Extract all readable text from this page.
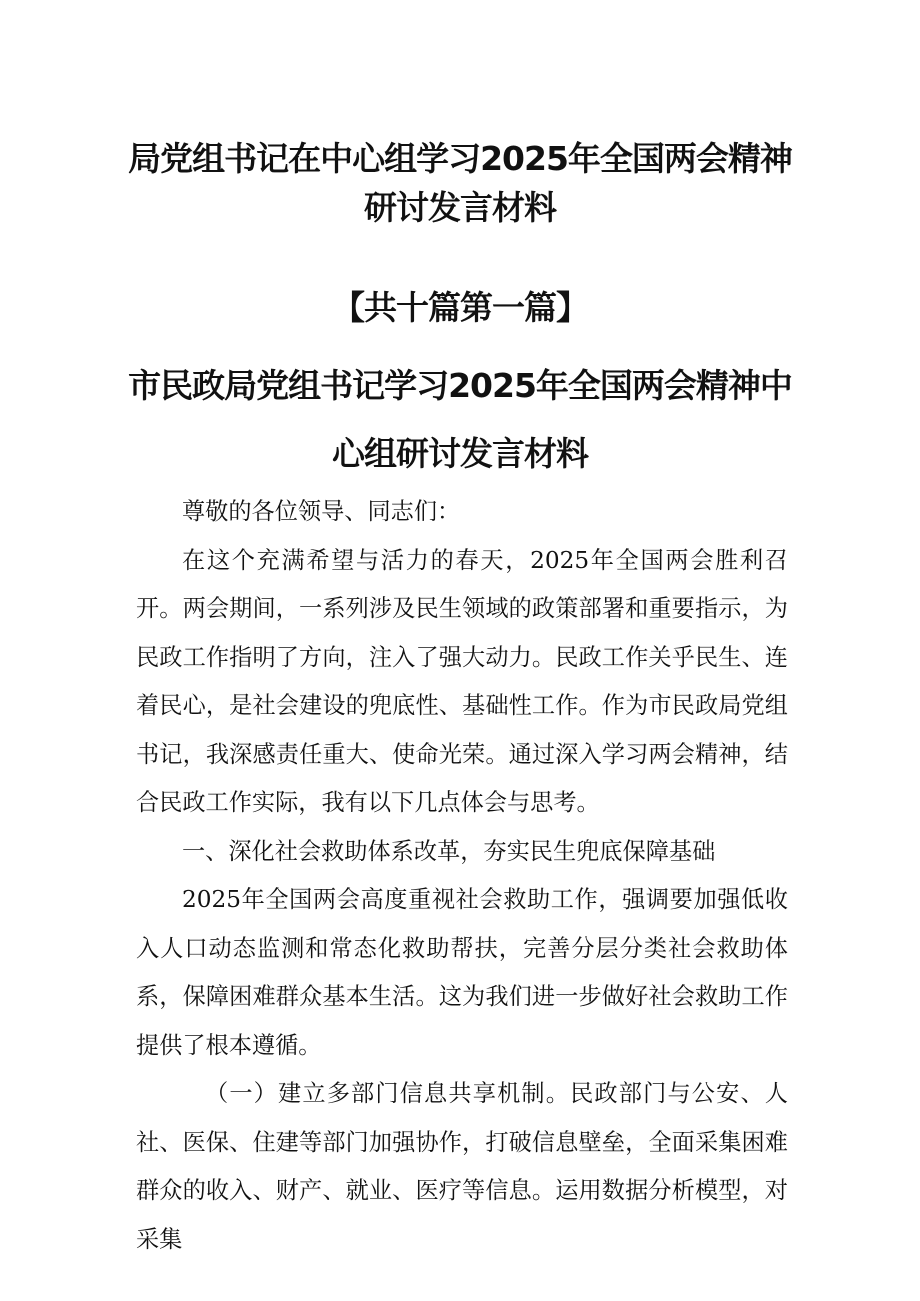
局党组书记在中心组学习2025年全国两会精神
研讨发言材料
【共十篇第一篇】
市民政局党组书记学习2025年全国两会精神中
心组研讨发言材料

尊敬的各位领导、同志们：

在这个充满希望与活力的春天，2025年全国两会胜利召开。两会期间，一系列涉及民生领域的政策部署和重要指示，为民政工作指明了方向，注入了强大动力。民政工作关乎民生、连着民心，是社会建设的兜底性、基础性工作。作为市民政局党组书记，我深感责任重大、使命光荣。通过深入学习两会精神，结合民政工作实际，我有以下几点体会与思考。

一、深化社会救助体系改革，夯实民生兜底保障基础

2025年全国两会高度重视社会救助工作，强调要加强低收入人口动态监测和常态化救助帮扶，完善分层分类社会救助体系，保障困难群众基本生活。这为我们进一步做好社会救助工作提供了根本遵循。

（一）建立多部门信息共享机制。民政部门与公安、人社、医保、住建等部门加强协作，打破信息壁垒，全面采集困难群众的收入、财产、就业、医疗等信息。运用数据分析模型，对采集
